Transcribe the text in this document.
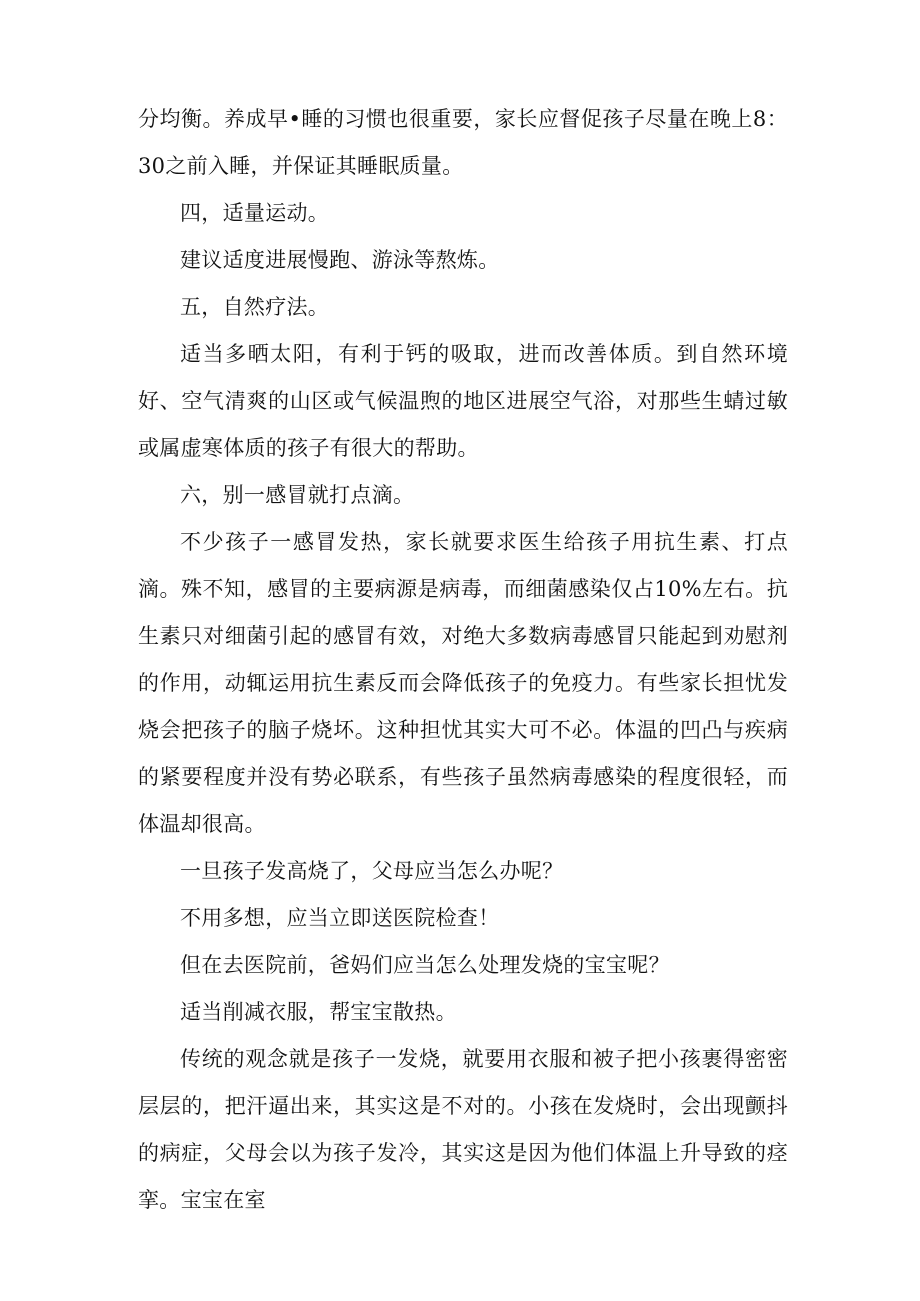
分均衡。养成早•睡的习惯也很重要，家长应督促孩子尽量在晚上8：30之前入睡，并保证其睡眠质量。

四，适量运动。

建议适度进展慢跑、游泳等熬炼。

五，自然疗法。

适当多晒太阳，有利于钙的吸取，进而改善体质。到自然环境好、空气清爽的山区或气候温煦的地区进展空气浴，对那些生蜻过敏或属虚寒体质的孩子有很大的帮助。

六，别一感冒就打点滴。

不少孩子一感冒发热，家长就要求医生给孩子用抗生素、打点滴。殊不知，感冒的主要病源是病毒，而细菌感染仅占10%左右。抗生素只对细菌引起的感冒有效，对绝大多数病毒感冒只能起到劝慰剂的作用，动辄运用抗生素反而会降低孩子的免疫力。有些家长担忧发烧会把孩子的脑子烧坏。这种担忧其实大可不必。体温的凹凸与疾病的紧要程度并没有势必联系，有些孩子虽然病毒感染的程度很轻，而体温却很高。

一旦孩子发高烧了，父母应当怎么办呢？

不用多想，应当立即送医院检查！

但在去医院前，爸妈们应当怎么处理发烧的宝宝呢？

适当削减衣服，帮宝宝散热。

传统的观念就是孩子一发烧，就要用衣服和被子把小孩裹得密密层层的，把汗逼出来，其实这是不对的。小孩在发烧时，会出现颤抖的病症，父母会以为孩子发冷，其实这是因为他们体温上升导致的痉挛。宝宝在室
